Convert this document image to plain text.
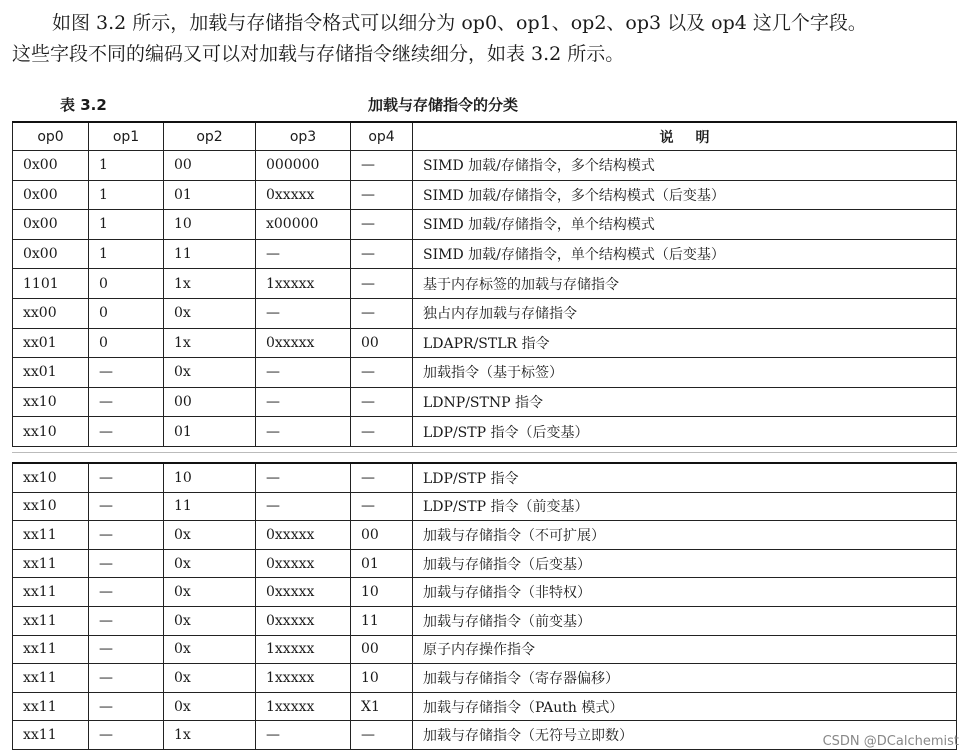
如图 3.2 所示，加载与存储指令格式可以细分为 op0、op1、op2、op3 以及 op4 这几个字段。

这些字段不同的编码又可以对加载与存储指令继续细分，如表 3.2 所示。

表 3.2	加载与存储指令的分类
op0	op1	op2	op3	op4	说明
0x00	1	00	000000	—	SIMD 加载/存储指令，多个结构模式
0x00	1	01	0xxxxx	—	SIMD 加载/存储指令，多个结构模式（后变基）
0x00	1	10	x00000	—	SIMD 加载/存储指令，单个结构模式
0x00	1	11	—	—	SIMD 加载/存储指令，单个结构模式（后变基）
1101	0	1x	1xxxxx	—	基于内存标签的加载与存储指令
xx00	0	0x	—	—	独占内存加载与存储指令
xx01	0	1x	0xxxxx	00	LDAPR/STLR 指令
xx01	—	0x	—	—	加载指令（基于标签）
xx10	—	00	—	—	LDNP/STNP 指令
xx10	—	01	—	—	LDP/STP 指令（后变基）
xx10	—	10	—	—	LDP/STP 指令
xx10	—	11	—	—	LDP/STP 指令（前变基）
xx11	—	0x	0xxxxx	00	加载与存储指令（不可扩展）
xx11	—	0x	0xxxxx	01	加载与存储指令（后变基）
xx11	—	0x	0xxxxx	10	加载与存储指令（非特权）
xx11	—	0x	0xxxxx	11	加载与存储指令（前变基）
xx11	—	0x	1xxxxx	00	原子内存操作指令
xx11	—	0x	1xxxxx	10	加载与存储指令（寄存器偏移）
xx11	—	0x	1xxxxx	X1	加载与存储指令（PAuth 模式）
xx11	—	1x	—	—	加载与存储指令（无符号立即数）	CSDN @DCalchemist
